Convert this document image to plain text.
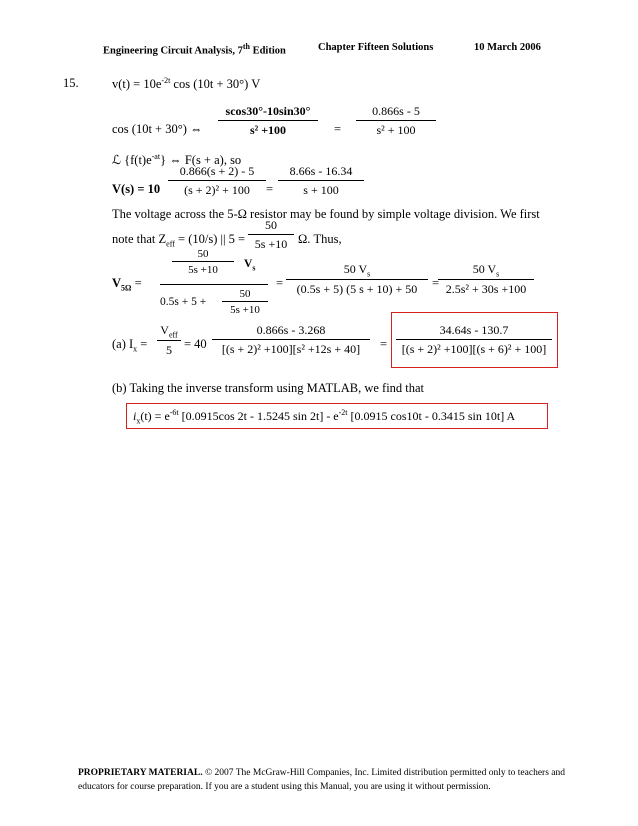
Engineering Circuit Analysis, 7th Edition	Chapter Fifteen Solutions	10 March 2006
15.	$v(t) = 10e^{-2t}$ cos (10t + 30°) V
cos (10t + 30°) ⇔ $\frac{scos30^\circ-10\sin 30^\circ}{\text{s² +100}} = \frac{0.866s - 5}{\text{s² + 100}}$
ℒ $\{f(t)e^{-at}\}$ ⇔ F(s + a), so
$V(s) = 10 \frac{0.866(s + 2) - 5}{\text{(s + 2)² + 100}} = \frac{8.66s - 16.34}{s + 100}$
The voltage across the 5-Ω resistor may be found by simple voltage division. We first
note that $Z_{eff} = (10/s)$ || $5 = \frac{50}{5s +10} \Omega$. Thus,
$V_{5\Omega}$ =
$\frac{50}{5s +10} V_s$
$0.5s + 5 + \frac{50}{5s +10}$
= $\frac{50 V_s}{(0.5s + 5) (5 s + 10) + 50}$ =
$\frac{50 V_s}{\text{2.5s² + 30s +100}}$
(a) $I_x$ =
$V_{eff}$
$5 = 40 \frac{0.866s - 3.268}{\text{[(s + 2)² +100][s² +12s + 40]}} = \frac{34.64s - 130.7}{\text{[(s + 2)² +100][(s + 6)² + 100]}}$
(b) Taking the inverse transform using MATLAB, we find that
$i_x(t) = e^{-6t}$ [0.0915cos 2t - 1.5245 $\sin 2t] - e^{-2t}$ [0.0915 cos10t - 0.3415 sin 10t] A
PROPRIETARY MATERIAL. © 2007 The McGraw-Hill Companies, Inc. Limited distribution permitted only to teachers and educators for course preparation. If you are a student using this Manual, you are using it without permission.
